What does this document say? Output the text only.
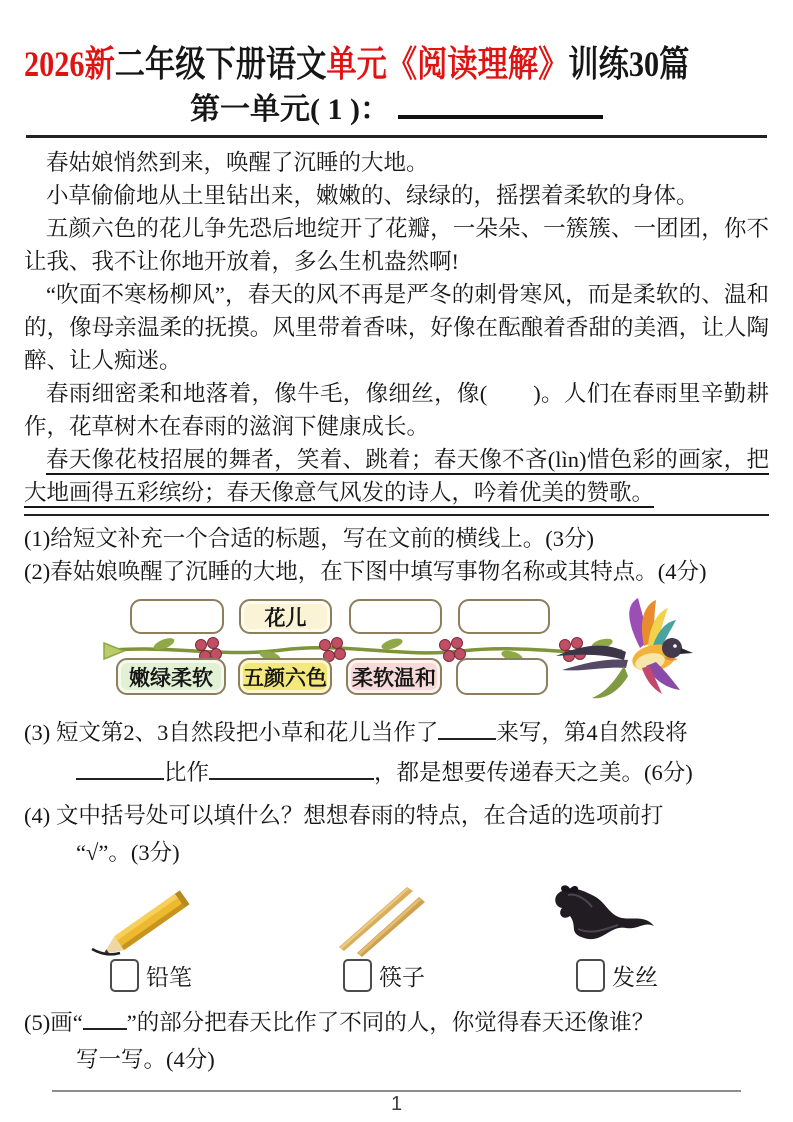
2026新二年级下册语文单元《阅读理解》训练30篇
第一单元( 1 )：

春姑娘悄然到来，唤醒了沉睡的大地。

小草偷偷地从土里钻出来，嫩嫩的、绿绿的，摇摆着柔软的身体。

五颜六色的花儿争先恐后地绽开了花瓣，一朵朵、一簇簇、一团团，你不让我、我不让你地开放着，多么生机盎然啊!

“吹面不寒杨柳风”，春天的风不再是严冬的刺骨寒风，而是柔软的、温和的，像母亲温柔的抚摸。风里带着香味，好像在酝酿着香甜的美酒，让人陶醉、让人痴迷。

春雨细密柔和地落着，像牛毛，像细丝，像(　　)。人们在春雨里辛勤耕作，花草树木在春雨的滋润下健康成长。

春天像花枝招展的舞者，笑着、跳着；春天像不吝(lìn)惜色彩的画家，把大地画得五彩缤纷；春天像意气风发的诗人，吟着优美的赞歌。

(1)给短文补充一个合适的标题，写在文前的横线上。(3分)

(2)春姑娘唤醒了沉睡的大地，在下图中填写事物名称或其特点。(4分)

花儿
嫩绿柔软	五颜六色 柔软温和

(3) 短文第2、3自然段把小草和花儿当作了	来写，第4自然段将

比作	，都是想要传递春天之美。(6分)

(4) 文中括号处可以填什么？想想春雨的特点，在合适的选项前打

“√”。(3分)

铅笔	筷子	发丝

(5)画“ ”的部分把春天比作了不同的人，你觉得春天还像谁？

写一写。(4分)

1
